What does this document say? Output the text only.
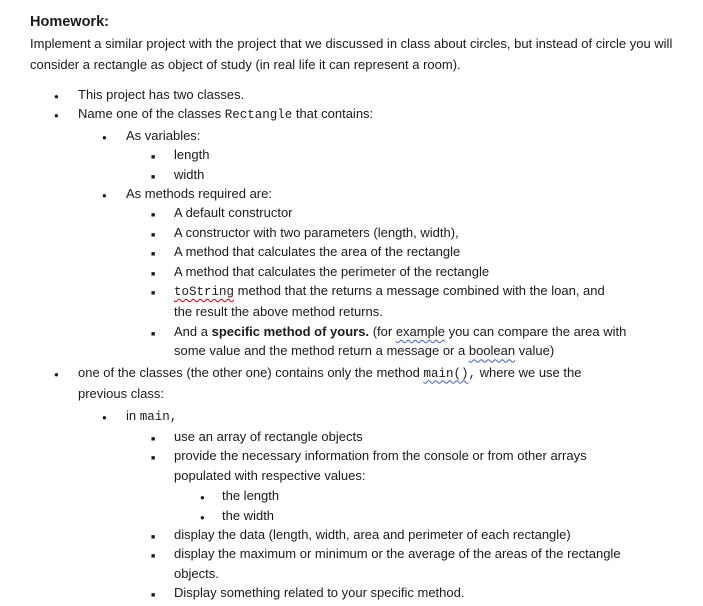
Homework:

Implement a similar project with the project that we discussed in class about circles, but instead of circle you will consider a rectangle as object of study (in real life it can represent a room).

●
This project has two classes.
●
Name one of the classes Rectangle that contains:
●
As variables:
■
length
■
width
●
As methods required are:
■
A default constructor
■
A constructor with two parameters (length, width),
■
A method that calculates the area of the rectangle
■
A method that calculates the perimeter of the rectangle
■
toString method that the returns a message combined with the loan, and
the result the above method returns.
■
And a specific method of yours. (for example you can compare the area with
some value and the method return a message or a boolean value)
●
one of the classes (the other one) contains only the method main(), where we use the
previous class:
●
in main,
■
use an array of rectangle objects
■
provide the necessary information from the console or from other arrays
populated with respective values:
●
the length
●
the width
■
display the data (length, width, area and perimeter of each rectangle)
■
display the maximum or minimum or the average of the areas of the rectangle
objects.
■
Display something related to your specific method.
